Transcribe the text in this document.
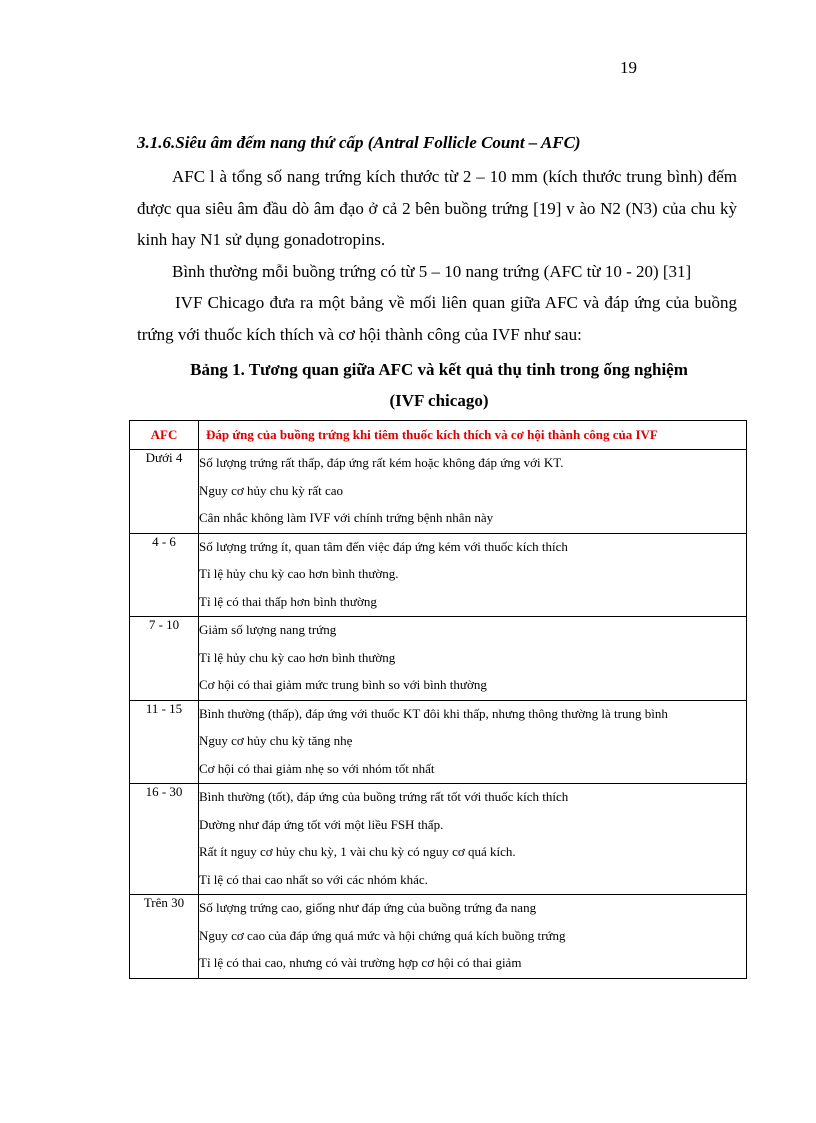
19
3.1.6.Siêu âm đếm nang thứ cấp (Antral Follicle Count – AFC)
AFC l à tổng số nang trứng kích thước từ 2 – 10 mm (kích thước trung bình) đếm được qua siêu âm đầu dò âm đạo ở cả 2 bên buồng trứng [19] v ào N2 (N3) của chu kỳ kinh hay N1 sử dụng gonadotropins.
Bình thường mỗi buồng trứng có từ 5 – 10 nang trứng (AFC từ 10 - 20) [31]
IVF Chicago đưa ra một bảng về mối liên quan giữa AFC và đáp ứng của buồng trứng với thuốc kích thích và cơ hội thành công của IVF như sau:
Bảng 1. Tương quan giữa AFC và kết quả thụ tinh trong ống nghiệm
(IVF chicago)
AFC	Đáp ứng của buồng trứng khi tiêm thuốc kích thích và cơ hội thành công của IVF
Dưới 4	Số lượng trứng rất thấp, đáp ứng rất kém hoặc không đáp ứng với KT.
Nguy cơ hủy chu kỳ rất cao
Cân nhắc không làm IVF với chính trứng bệnh nhân này

4 - 6	Số lượng trứng ít, quan tâm đến việc đáp ứng kém với thuốc kích thích
Tỉ lệ hủy chu kỳ cao hơn bình thường.
Tỉ lệ có thai thấp hơn bình thường

7 - 10	Giảm số lượng nang trứng
Tỉ lệ hủy chu kỳ cao hơn bình thường
Cơ hội có thai giảm mức trung bình so với bình thường

11 - 15	Bình thường (thấp), đáp ứng với thuốc KT đôi khi thấp, nhưng thông thường là trung bình
Nguy cơ hủy chu kỳ tăng nhẹ
Cơ hội có thai giảm nhẹ so với nhóm tốt nhất

16 - 30	Bình thường (tốt), đáp ứng của buồng trứng rất tốt với thuốc kích thích
Dường như đáp ứng tốt với một liều FSH thấp.
Rất ít nguy cơ hủy chu kỳ, 1 vài chu kỳ có nguy cơ quá kích.
Tỉ lệ có thai cao nhất so với các nhóm khác.

Trên 30	Số lượng trứng cao, giống như đáp ứng của buồng trứng đa nang
Nguy cơ cao của đáp ứng quá mức và hội chứng quá kích buồng trứng
Tỉ lệ có thai cao, nhưng có vài trường hợp cơ hội có thai giảm
